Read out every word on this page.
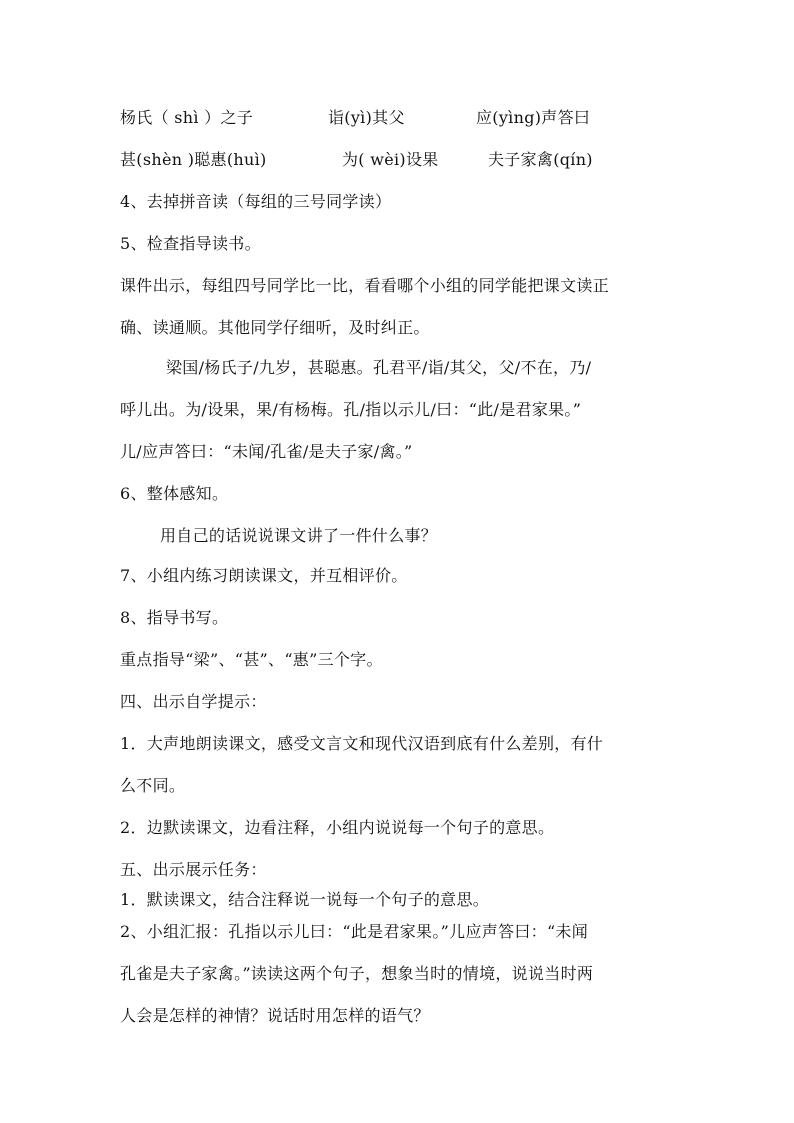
杨氏（ shì ）之子	诣(yì)其父	应(yìng)声答曰
甚(shèn )聪惠(huì)	为( wèi)设果	夫子家禽(qín)
4、去掉拼音读（每组的三号同学读）
5、检查指导读书。
课件出示，每组四号同学比一比，看看哪个小组的同学能把课文读正
确、读通顺。其他同学仔细听，及时纠正。
梁国/杨氏子/九岁，甚聪惠。孔君平/诣/其父，父/不在，乃/
呼儿出。为/设果，果/有杨梅。孔/指以示儿/曰：“此/是君家果。”
儿/应声答曰：“未闻/孔雀/是夫子家/禽。”
6、整体感知。
用自己的话说说课文讲了一件什么事？
7、小组内练习朗读课文，并互相评价。
8、指导书写。
重点指导“梁”、“甚”、“惠”三个字。
四、出示自学提示：
1．大声地朗读课文，感受文言文和现代汉语到底有什么差别，有什
么不同。
2．边默读课文，边看注释，小组内说说每一个句子的意思。
五、出示展示任务：
1．默读课文，结合注释说一说每一个句子的意思。
2、小组汇报：孔指以示儿曰：“此是君家果。”儿应声答曰：“未闻
孔雀是夫子家禽。”读读这两个句子，想象当时的情境，说说当时两
人会是怎样的神情？说话时用怎样的语气？
